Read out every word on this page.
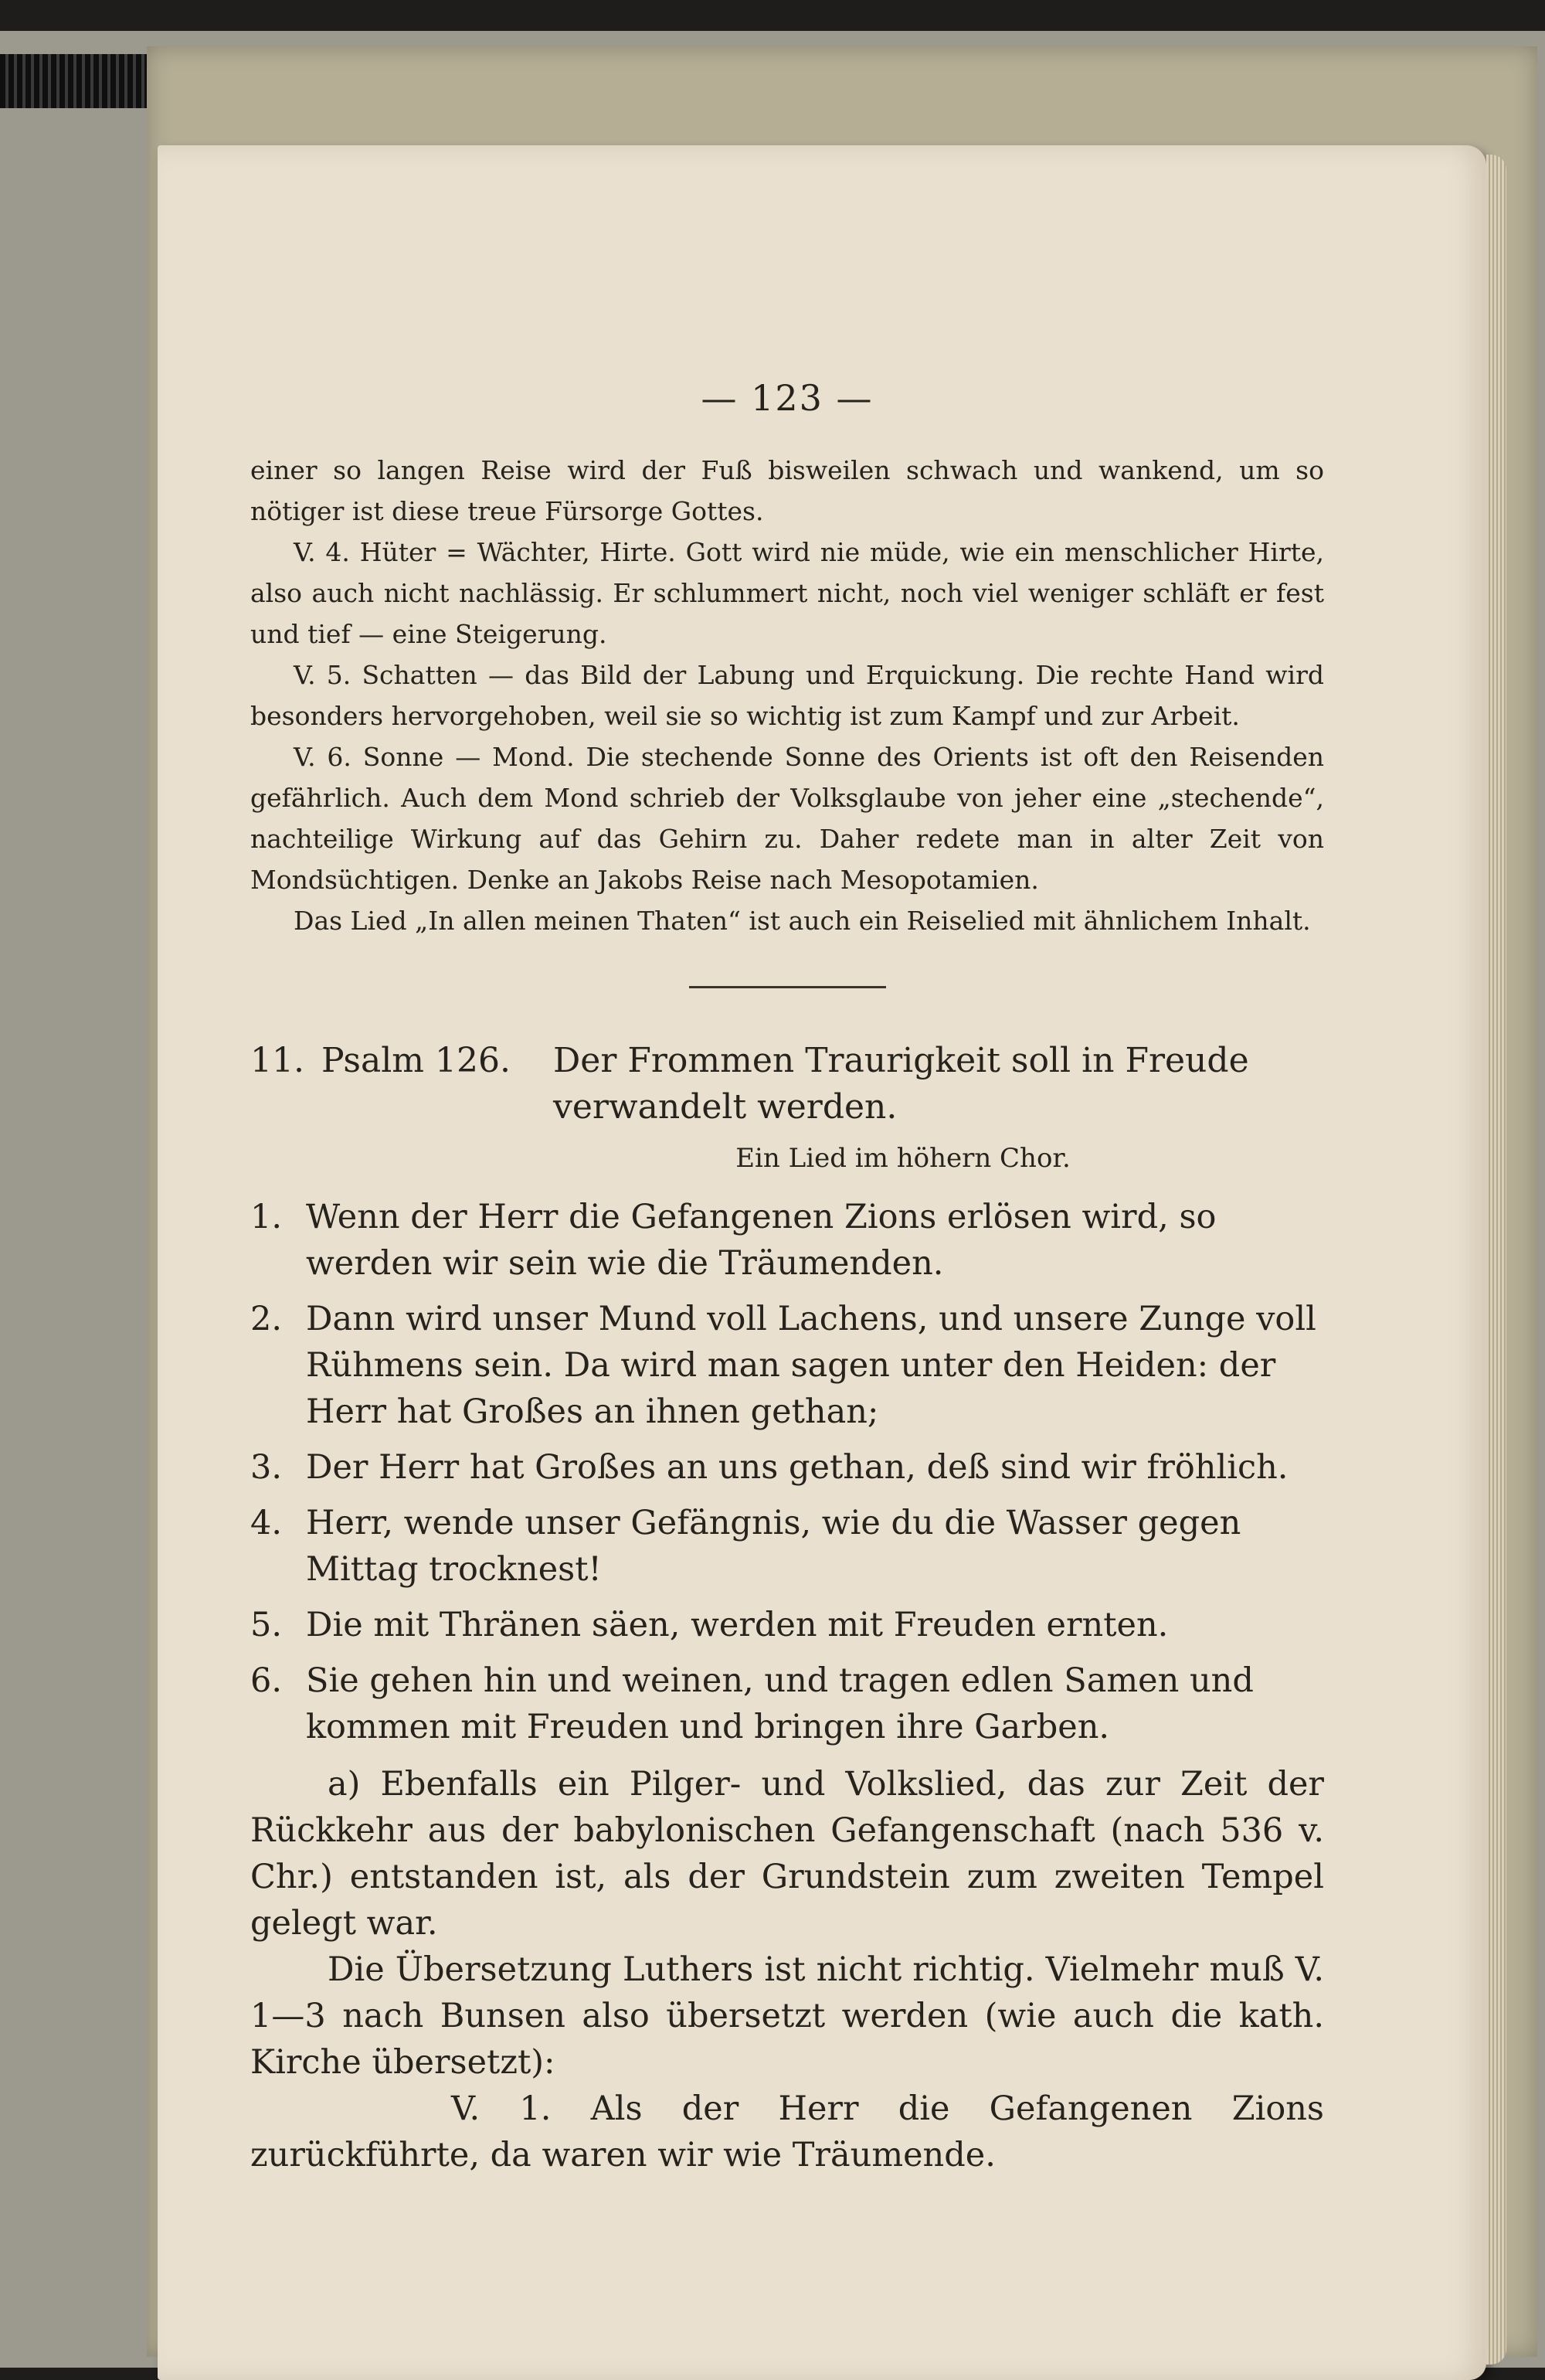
— 123 —

einer so langen Reise wird der Fuß bisweilen schwach und wankend, um so nötiger ist diese treue Fürsorge Gottes.

V. 4. Hüter = Wächter, Hirte. Gott wird nie müde, wie ein menschlicher Hirte, also auch nicht nachlässig. Er schlummert nicht, noch viel weniger schläft er fest und tief — eine Steigerung.

V. 5. Schatten — das Bild der Labung und Erquickung. Die rechte Hand wird besonders hervorgehoben, weil sie so wichtig ist zum Kampf und zur Arbeit.

V. 6. Sonne — Mond. Die stechende Sonne des Orients ist oft den Reisenden gefährlich. Auch dem Mond schrieb der Volksglaube von jeher eine „stechende“, nachteilige Wirkung auf das Gehirn zu. Daher redete man in alter Zeit von Mondsüchtigen. Denke an Jakobs Reise nach Mesopotamien.

Das Lied „In allen meinen Thaten“ ist auch ein Reiselied mit ähnlichem Inhalt.

11. Psalm 126.	Der Frommen Traurigkeit soll in Freude verwandelt werden.
Ein Lied im höhern Chor.
1. Wenn der Herr die Gefangenen Zions erlösen wird, so werden wir sein wie die Träumenden.
2. Dann wird unser Mund voll Lachens, und unsere Zunge voll Rühmens sein. Da wird man sagen unter den Heiden: der Herr hat Großes an ihnen gethan;
3. Der Herr hat Großes an uns gethan, deß sind wir fröhlich.
4. Herr, wende unser Gefängnis, wie du die Wasser gegen Mittag trocknest!
5. Die mit Thränen säen, werden mit Freuden ernten.
6. Sie gehen hin und weinen, und tragen edlen Samen und kommen mit Freuden und bringen ihre Garben.

a) Ebenfalls ein Pilger- und Volkslied, das zur Zeit der Rückkehr aus der babylonischen Gefangenschaft (nach 536 v. Chr.) entstanden ist, als der Grundstein zum zweiten Tempel gelegt war.

Die Übersetzung Luthers ist nicht richtig. Vielmehr muß V. 1—3 nach Bunsen also übersetzt werden (wie auch die kath. Kirche übersetzt):

V. 1. Als der Herr die Gefangenen Zions zurückführte, da waren wir wie Träumende.
